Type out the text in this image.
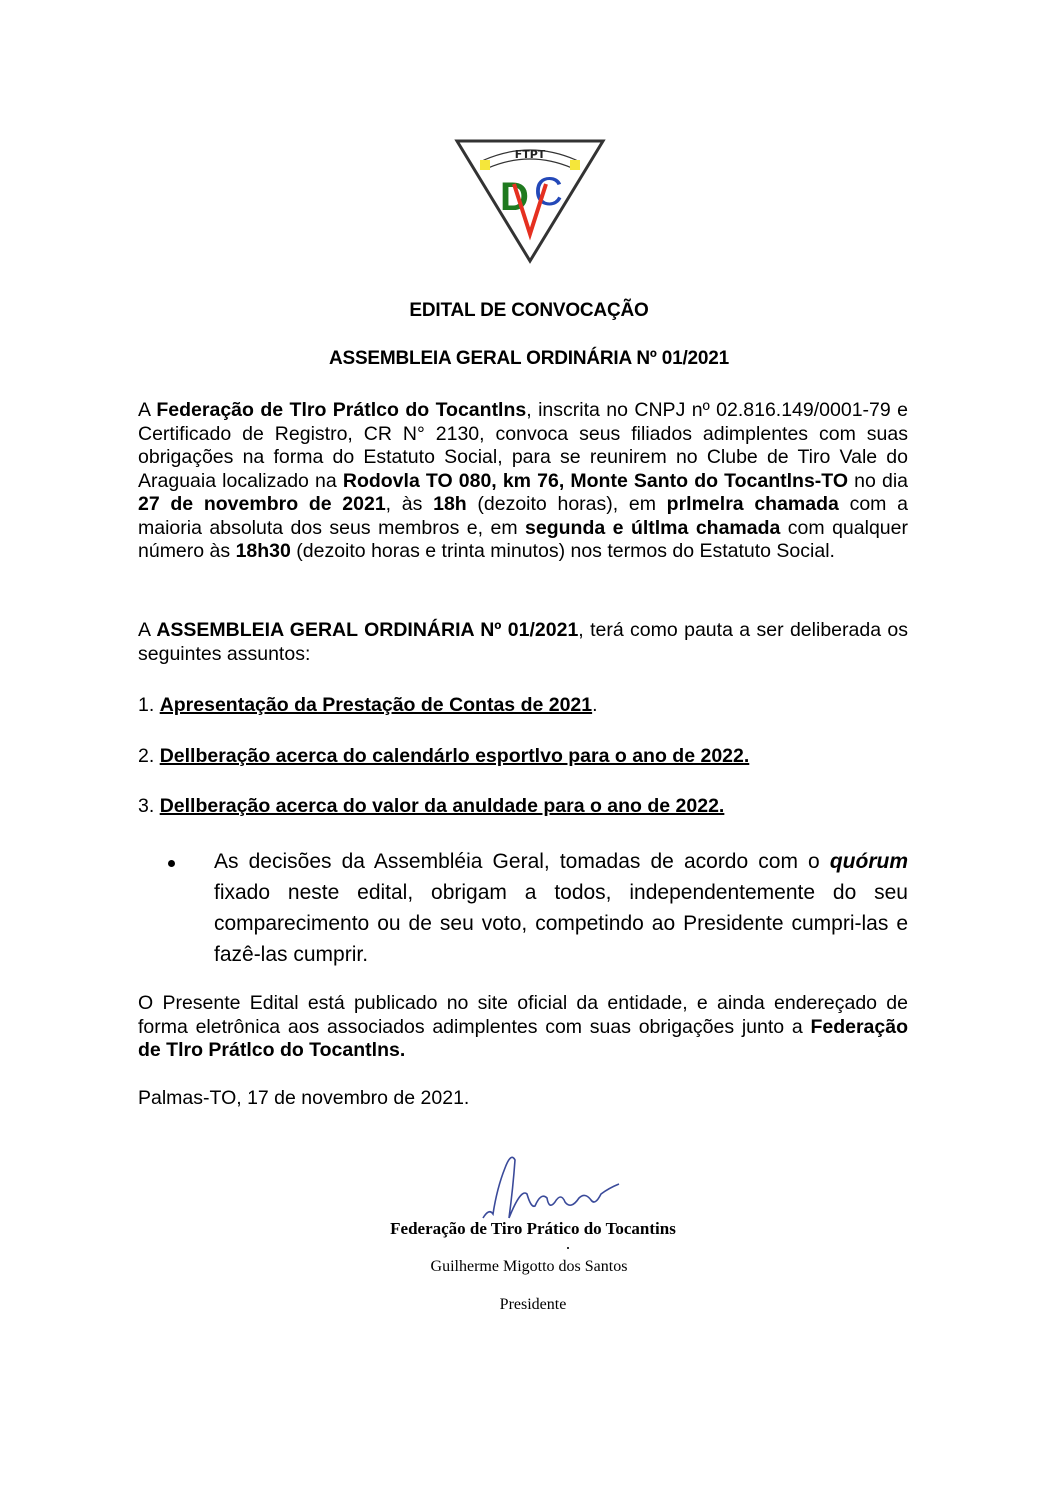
FTPT
D C
EDITAL DE CONVOCAÇÃO
ASSEMBLEIA GERAL ORDINÁRIA Nº 01/2021
A Federação de Tlro Prátlco do Tocantlns, inscrita no CNPJ nº 02.816.149/0001-79 e Certificado de Registro, CR N° 2130, convoca seus filiados adimplentes com suas obrigações na forma do Estatuto Social, para se reunirem no Clube de Tiro Vale do Araguaia localizado na Rodovla TO 080, km 76, Monte Santo do Tocantlns-TO no dia 27 de novembro de 2021, às 18h (dezoito horas), em prlmelra chamada com a maioria absoluta dos seus membros e, em segunda e últlma chamada com qualquer número às 18h30 (dezoito horas e trinta minutos) nos termos do Estatuto Social.
A ASSEMBLEIA GERAL ORDINÁRIA Nº 01/2021, terá como pauta a ser deliberada os seguintes assuntos:
1. Apresentação da Prestação de Contas de 2021.
2. Dellberação acerca do calendárlo esportlvo para o ano de 2022.
3. Dellberação acerca do valor da anuldade para o ano de 2022.
As decisões da Assembléia Geral, tomadas de acordo com o quórum fixado neste edital, obrigam a todos, independentemente do seu comparecimento ou de seu voto, competindo ao Presidente cumpri-las e fazê-las cumprir.
O Presente Edital está publicado no site oficial da entidade, e ainda endereçado de forma eletrônica aos associados adimplentes com suas obrigações junto a Federação de Tlro Prátlco do Tocantlns.
Palmas-TO, 17 de novembro de 2021.
Federação de Tiro Prático do Tocantins
Guilherme Migotto dos Santos
Presidente
